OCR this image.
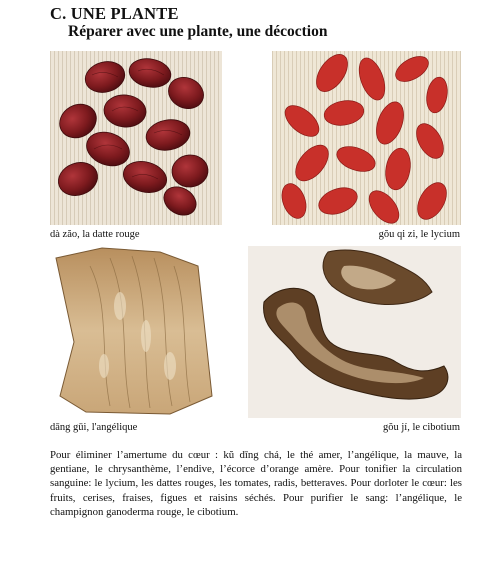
C. UNE PLANTE
Réparer avec une plante, une décoction
dà zăo, la datte rouge	gŏu qi zi, le lycium
dāng gūi, l'angélique	gŏu jí, le cibotium
Pour éliminer l’amertume du cœur : kŭ dīng chá, le thé amer, l’angélique, la mauve, la gentiane, le chrysanthème, l’endive, l’écorce d’orange amère. Pour tonifier la circulation sanguine: le lycium, les dattes rouges, les tomates, radis, betteraves. Pour dorloter le cœur: les fruits, cerises, fraises, figues et raisins séchés. Pour purifier le sang: l’angélique, le champignon ganoderma rouge, le cibotium.
